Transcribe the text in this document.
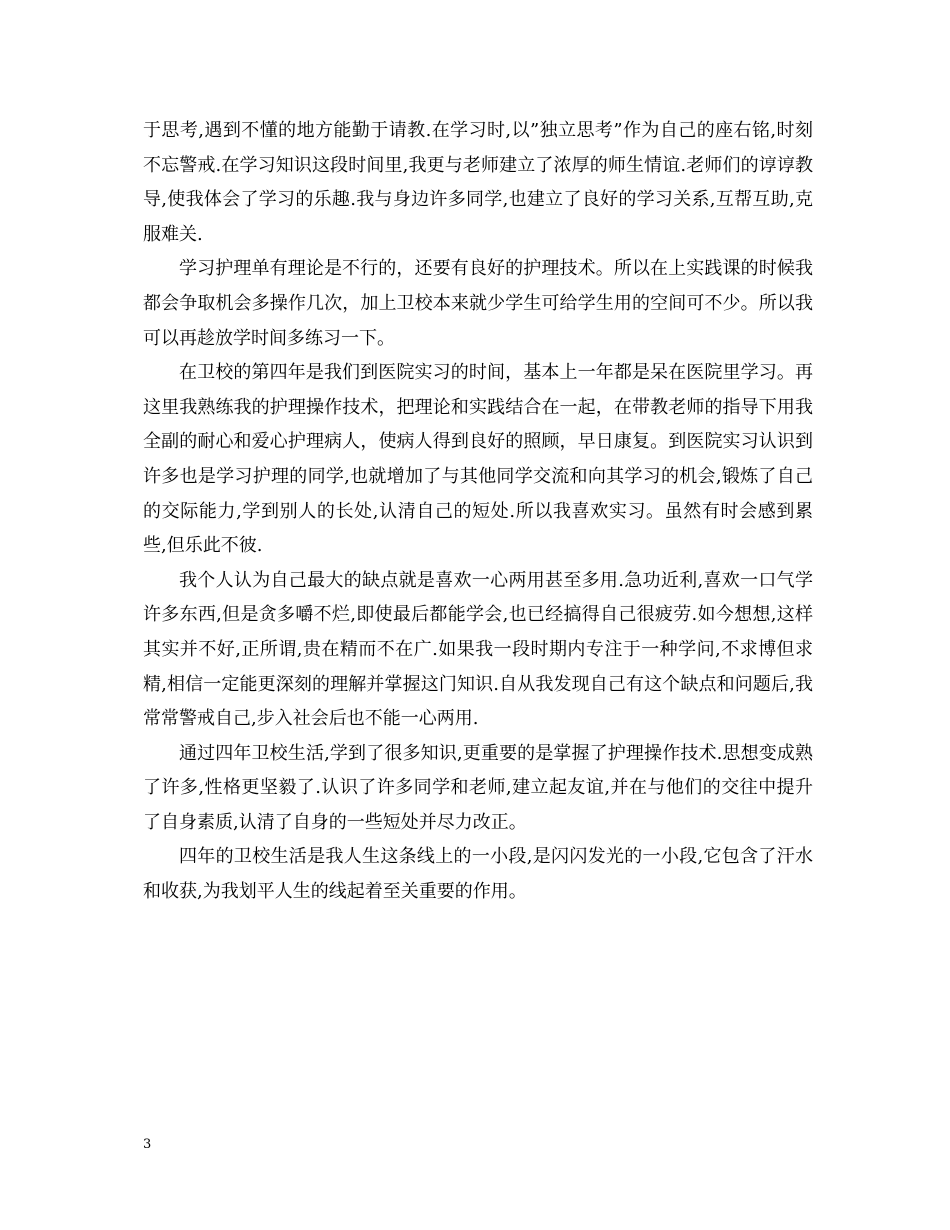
于思考,遇到不懂的地方能勤于请教.在学习时,以”独立思考”作为自己的座右铭,时刻不忘警戒.在学习知识这段时间里,我更与老师建立了浓厚的师生情谊.老师们的谆谆教导,使我体会了学习的乐趣.我与身边许多同学,也建立了良好的学习关系,互帮互助,克服难关.

学习护理单有理论是不行的，还要有良好的护理技术。所以在上实践课的时候我都会争取机会多操作几次，加上卫校本来就少学生可给学生用的空间可不少。所以我可以再趁放学时间多练习一下。

在卫校的第四年是我们到医院实习的时间，基本上一年都是呆在医院里学习。再这里我熟练我的护理操作技术，把理论和实践结合在一起，在带教老师的指导下用我全副的耐心和爱心护理病人，使病人得到良好的照顾，早日康复。到医院实习认识到许多也是学习护理的同学,也就增加了与其他同学交流和向其学习的机会,锻炼了自己的交际能力,学到别人的长处,认清自己的短处.所以我喜欢实习。虽然有时会感到累些,但乐此不彼.

我个人认为自己最大的缺点就是喜欢一心两用甚至多用.急功近利,喜欢一口气学许多东西,但是贪多嚼不烂,即使最后都能学会,也已经搞得自己很疲劳.如今想想,这样其实并不好,正所谓,贵在精而不在广.如果我一段时期内专注于一种学问,不求博但求精,相信一定能更深刻的理解并掌握这门知识.自从我发现自己有这个缺点和问题后,我常常警戒自己,步入社会后也不能一心两用.

通过四年卫校生活,学到了很多知识,更重要的是掌握了护理操作技术.思想变成熟了许多,性格更坚毅了.认识了许多同学和老师,建立起友谊,并在与他们的交往中提升了自身素质,认清了自身的一些短处并尽力改正。

四年的卫校生活是我人生这条线上的一小段,是闪闪发光的一小段,它包含了汗水和收获,为我划平人生的线起着至关重要的作用。

3
